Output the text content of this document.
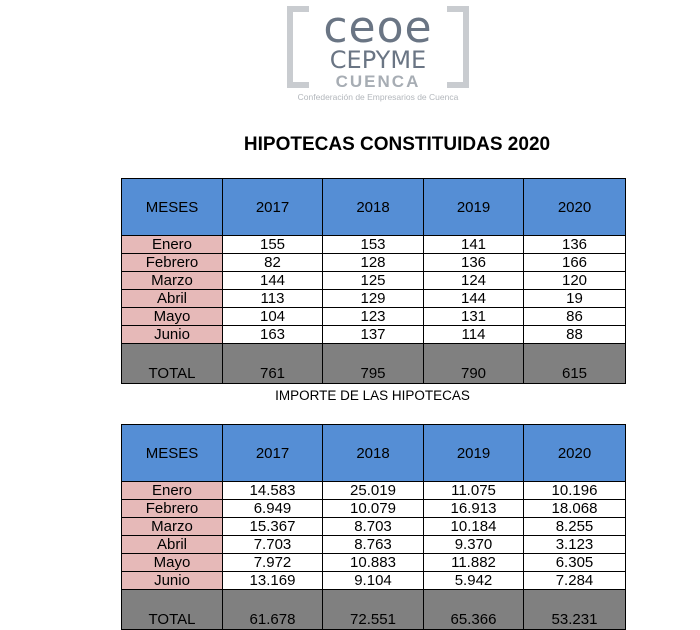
ceoe
CEPYME
CUENCA
Confederación de Empresarios de Cuenca
HIPOTECAS CONSTITUIDAS 2020
MESES	2017	2018	2019	2020
Enero	155	153	141	136
Febrero	82	128	136	166
Marzo	144	125	124	120
Abril	113	129	144	19
Mayo	104	123	131	86
Junio	163	137	114	88
TOTAL	761	795	790	615
IMPORTE DE LAS HIPOTECAS
MESES	2017	2018	2019	2020
Enero	14.583	25.019	11.075	10.196
Febrero	6.949	10.079	16.913	18.068
Marzo	15.367	8.703	10.184	8.255
Abril	7.703	8.763	9.370	3.123
Mayo	7.972	10.883	11.882	6.305
Junio	13.169	9.104	5.942	7.284
TOTAL	61.678	72.551	65.366	53.231
